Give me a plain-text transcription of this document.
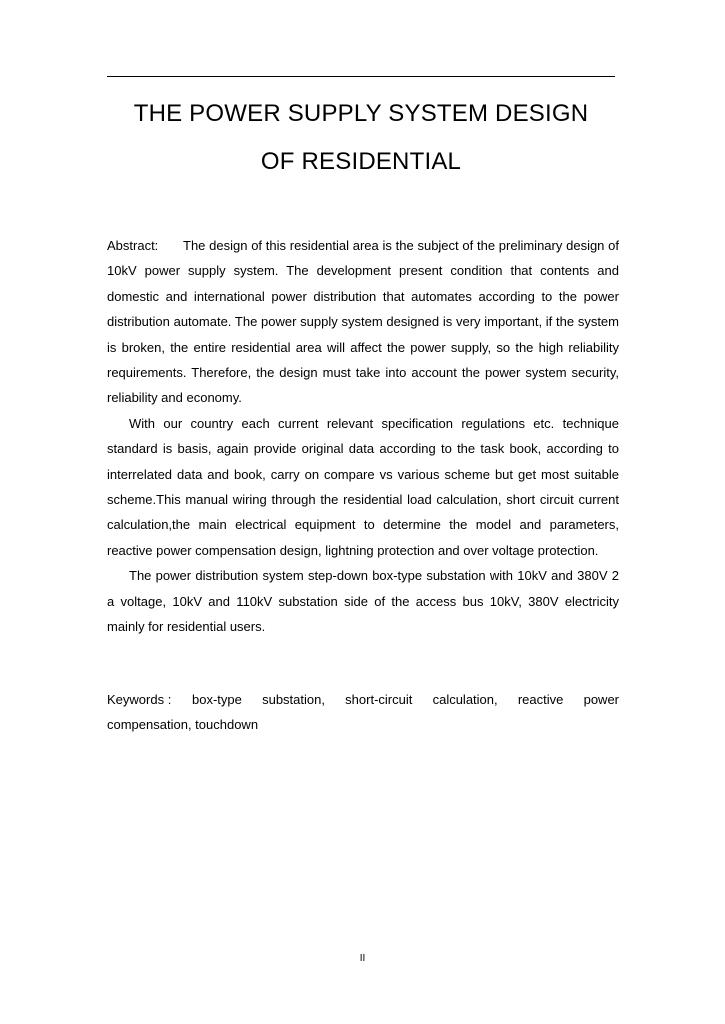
THE POWER SUPPLY SYSTEM DESIGN
OF RESIDENTIAL

Abstract: The design of this residential area is the subject of the preliminary design of 10kV power supply system. The development present condition that contents and domestic and international power distribution that automates according to the power distribution automate. The power supply system designed is very important, if the system is broken, the entire residential area will affect the power supply, so the high reliability requirements. Therefore, the design must take into account the power system security, reliability and economy.

With our country each current relevant specification regulations etc. technique standard is basis, again provide original data according to the task book, according to interrelated data and book, carry on compare vs various scheme but get most suitable scheme.This manual wiring through the residential load calculation, short circuit current calculation,the main electrical equipment to determine the model and parameters, reactive power compensation design, lightning protection and over voltage protection.

The power distribution system step-down box-type substation with 10kV and 380V 2 a voltage, 10kV and 110kV substation side of the access bus 10kV, 380V electricity mainly for residential users.

Keywords : box-type substation, short-circuit calculation, reactive power compensation, touchdown
II
